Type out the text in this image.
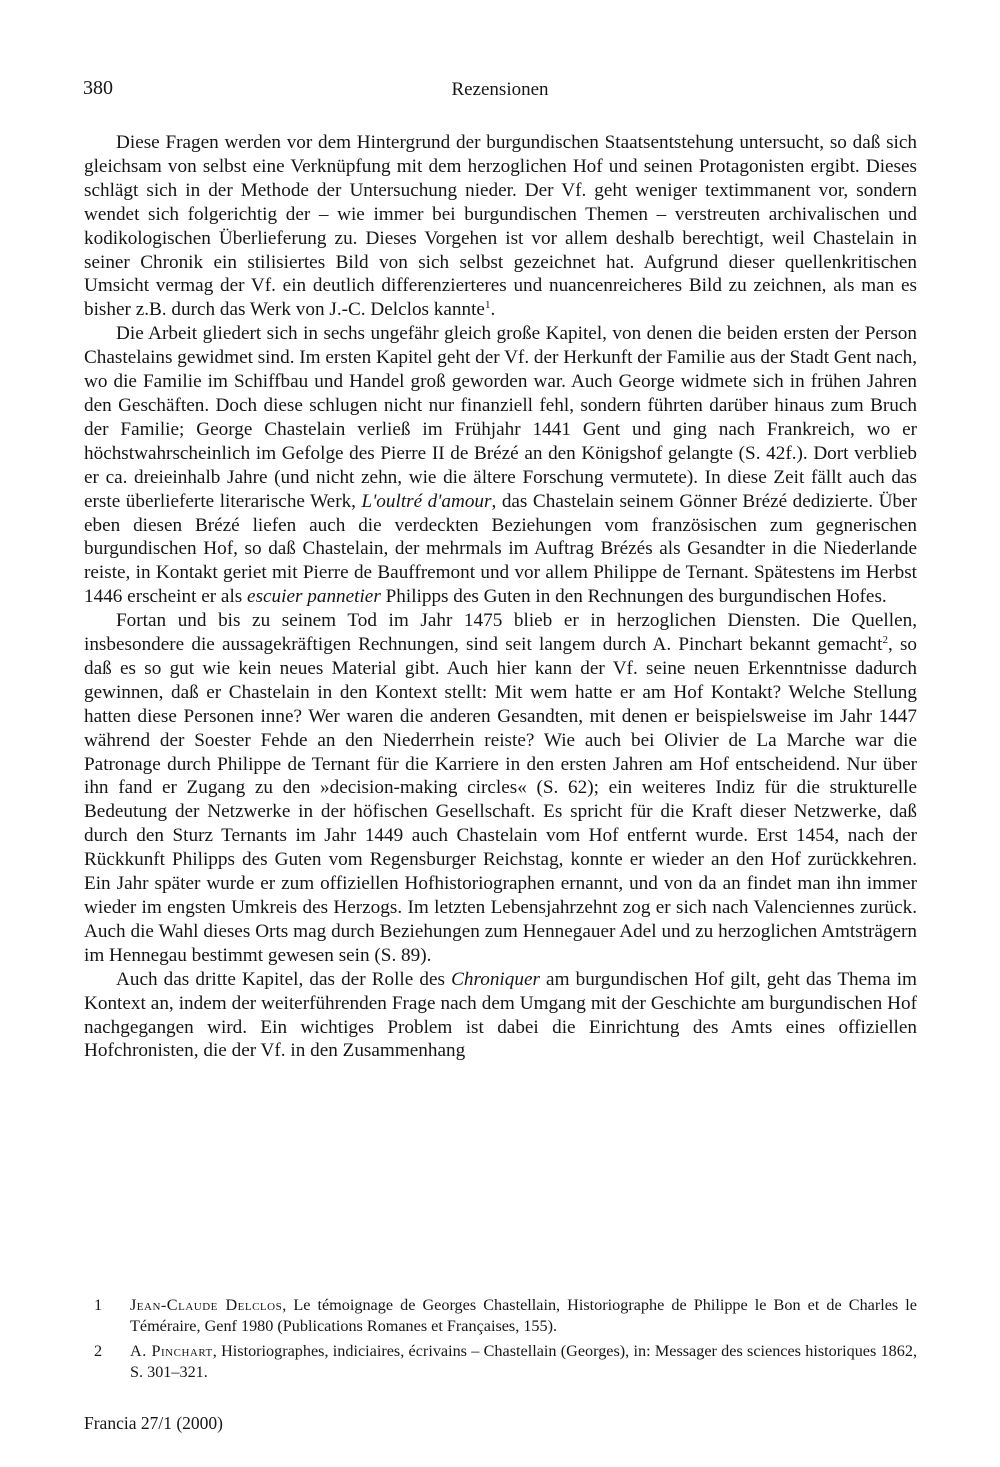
380	Rezensionen

Diese Fragen werden vor dem Hintergrund der burgundischen Staatsentstehung untersucht, so daß sich gleichsam von selbst eine Verknüpfung mit dem herzoglichen Hof und seinen Protagonisten ergibt. Dieses schlägt sich in der Methode der Untersuchung nieder. Der Vf. geht weniger textimmanent vor, sondern wendet sich folgerichtig der – wie immer bei burgundischen Themen – verstreuten archivalischen und kodikologischen Überlieferung zu. Dieses Vorgehen ist vor allem deshalb berechtigt, weil Chastelain in seiner Chronik ein stilisiertes Bild von sich selbst gezeichnet hat. Aufgrund dieser quellenkritischen Umsicht vermag der Vf. ein deutlich differenzierteres und nuancenreicheres Bild zu zeichnen, als man es bisher z.B. durch das Werk von J.-C. Delclos kannte$^1$.

Die Arbeit gliedert sich in sechs ungefähr gleich große Kapitel, von denen die beiden ersten der Person Chastelains gewidmet sind. Im ersten Kapitel geht der Vf. der Herkunft der Familie aus der Stadt Gent nach, wo die Familie im Schiffbau und Handel groß geworden war. Auch George widmete sich in frühen Jahren den Geschäften. Doch diese schlugen nicht nur finanziell fehl, sondern führten darüber hinaus zum Bruch der Familie; George Chastelain verließ im Frühjahr 1441 Gent und ging nach Frankreich, wo er höchstwahrscheinlich im Gefolge des Pierre II de Brézé an den Königshof gelangte (S. 42f.). Dort verblieb er ca. dreieinhalb Jahre (und nicht zehn, wie die ältere Forschung vermutete). In diese Zeit fällt auch das erste überlieferte literarische Werk, L'oultré d'amour, das Chastelain seinem Gönner Brézé dedizierte. Über eben diesen Brézé liefen auch die verdeckten Beziehungen vom französischen zum gegnerischen burgundischen Hof, so daß Chastelain, der mehrmals im Auftrag Brézés als Gesandter in die Niederlande reiste, in Kontakt geriet mit Pierre de Bauffremont und vor allem Philippe de Ternant. Spätestens im Herbst 1446 erscheint er als escuier pannetier Philipps des Guten in den Rechnungen des burgundischen Hofes.

Fortan und bis zu seinem Tod im Jahr 1475 blieb er in herzoglichen Diensten. Die Quellen, insbesondere die aussagekräftigen Rechnungen, sind seit langem durch A. Pinchart bekannt gemacht$^2$, so daß es so gut wie kein neues Material gibt. Auch hier kann der Vf. seine neuen Erkenntnisse dadurch gewinnen, daß er Chastelain in den Kontext stellt: Mit wem hatte er am Hof Kontakt? Welche Stellung hatten diese Personen inne? Wer waren die anderen Gesandten, mit denen er beispielsweise im Jahr 1447 während der Soester Fehde an den Niederrhein reiste? Wie auch bei Olivier de La Marche war die Patronage durch Philippe de Ternant für die Karriere in den ersten Jahren am Hof entscheidend. Nur über ihn fand er Zugang zu den »decision-making circles« (S. 62); ein weiteres Indiz für die strukturelle Bedeutung der Netzwerke in der höfischen Gesellschaft. Es spricht für die Kraft dieser Netzwerke, daß durch den Sturz Ternants im Jahr 1449 auch Chastelain vom Hof entfernt wurde. Erst 1454, nach der Rückkunft Philipps des Guten vom Regensburger Reichstag, konnte er wieder an den Hof zurückkehren. Ein Jahr später wurde er zum offiziellen Hofhistoriographen ernannt, und von da an findet man ihn immer wieder im engsten Umkreis des Herzogs. Im letzten Lebensjahrzehnt zog er sich nach Valenciennes zurück. Auch die Wahl dieses Orts mag durch Beziehungen zum Hennegauer Adel und zu herzoglichen Amtsträgern im Hennegau bestimmt gewesen sein (S. 89).

Auch das dritte Kapitel, das der Rolle des Chroniquer am burgundischen Hof gilt, geht das Thema im Kontext an, indem der weiterführenden Frage nach dem Umgang mit der Geschichte am burgundischen Hof nachgegangen wird. Ein wichtiges Problem ist dabei die Einrichtung des Amts eines offiziellen Hofchronisten, die der Vf. in den Zusammenhang

1	Jean-Claude Delclos, Le témoignage de Georges Chastellain, Historiographe de Philippe le Bon et de Charles le Téméraire, Genf 1980 (Publications Romanes et Françaises, 155).
2	A. Pinchart, Historiographes, indiciaires, écrivains – Chastellain (Georges), in: Messager des sciences historiques 1862, S. 301–321.
Francia 27/1 (2000)
